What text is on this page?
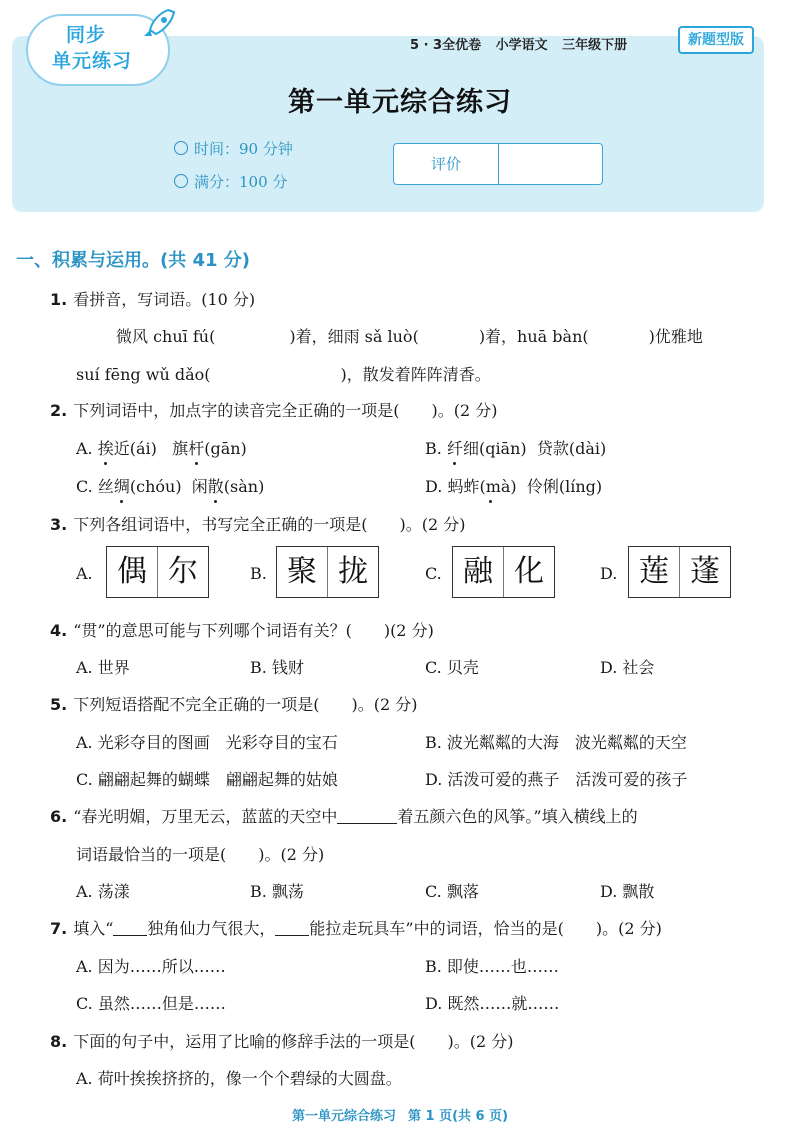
同步
单元练习
5 · 3全优卷 小学语文 三年级下册	新题型版
第一单元综合练习
时间：90 分钟
满分：100 分
评价
一、积累与运用。(共 41 分)
1. 看拼音，写词语。(10 分)
微风 chuī fú(	)着，细雨 sǎ luò(	)着，huā bàn(	)优雅地
suí fēng wǔ dǎo(	)，散发着阵阵清香。
2. 下列词语中，加点字的读音完全正确的一项是(　　)。(2 分)
A. 挨近(ái) 旗杆(gān)	B. 纤细(qiān) 贷款(dài)
C. 丝绸(chóu) 闲散(sàn)	D. 蚂蚱(mà) 伶俐(líng)
3. 下列各组词语中，书写完全正确的一项是(　　)。(2 分)
A. 偶 尔	B. 聚 拢	C. 融 化	D. 莲 蓬
4. “贯”的意思可能与下列哪个词语有关？(　　)(2 分)
A. 世界	B. 钱财	C. 贝壳	D. 社会
5. 下列短语搭配不完全正确的一项是(　　)。(2 分)
A. 光彩夺目的图画　光彩夺目的宝石	B. 波光粼粼的大海　波光粼粼的天空
C. 翩翩起舞的蝴蝶　翩翩起舞的姑娘	D. 活泼可爱的燕子　活泼可爱的孩子
6. “春光明媚，万里无云，蓝蓝的天空中	着五颜六色的风筝。”填入横线上的
词语最恰当的一项是(　　)。(2 分)
A. 荡漾	B. 飘荡	C. 飘落	D. 飘散
7. 填入“ 独角仙力气很大， 能拉走玩具车”中的词语，恰当的是(　　)。(2 分)
A. 因为……所以……	B. 即使……也……
C. 虽然……但是……	D. 既然……就……
8. 下面的句子中，运用了比喻的修辞手法的一项是(　　)。(2 分)
A. 荷叶挨挨挤挤的，像一个个碧绿的大圆盘。
第一单元综合练习 第 1 页(共 6 页)
